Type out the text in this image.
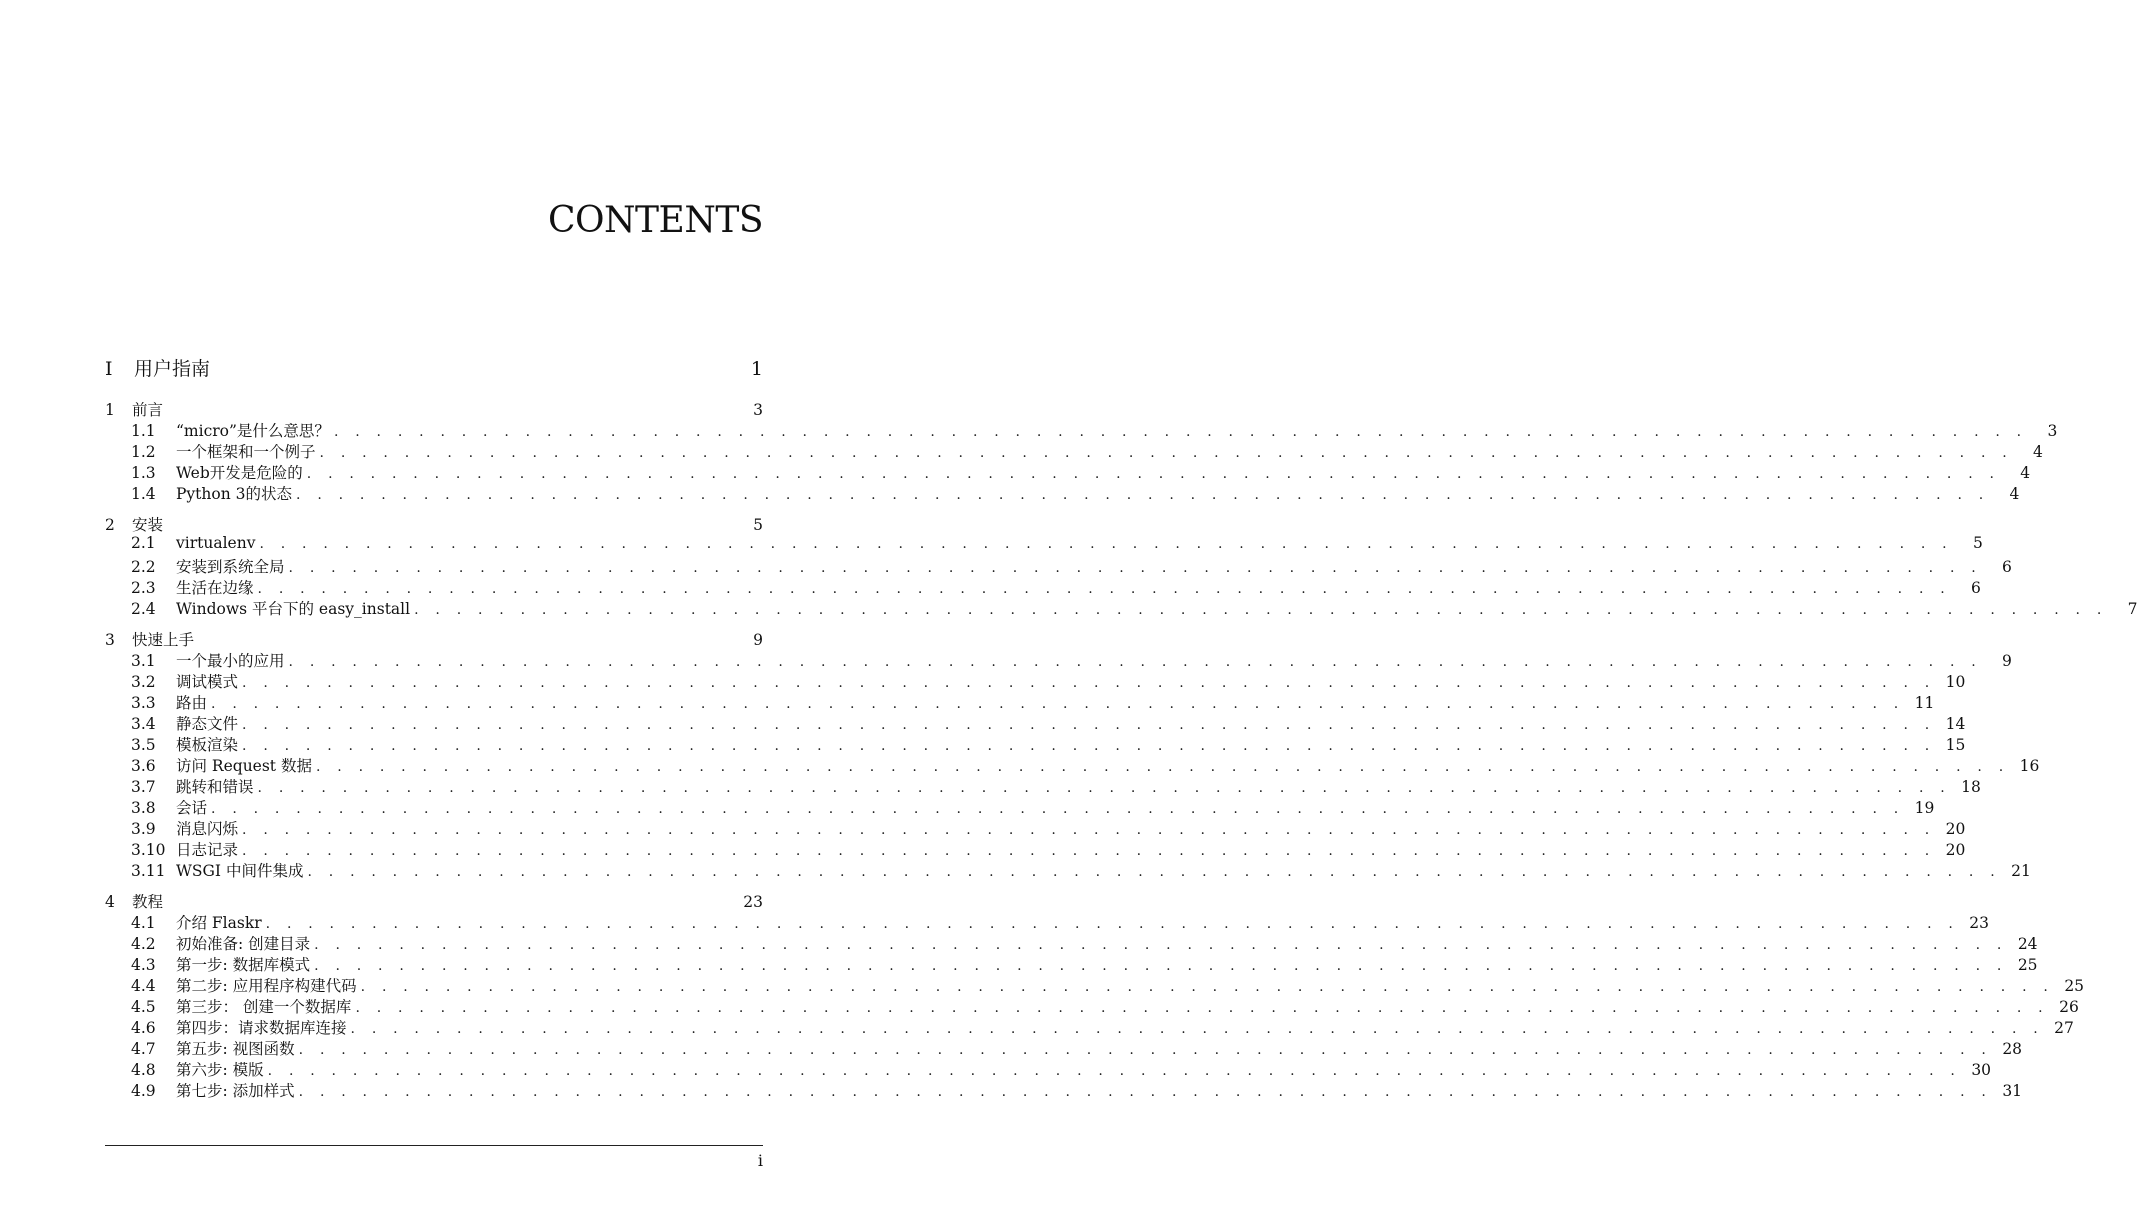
CONTENTS
I	用户指南	1
1	前言	3
1.1	“micro”是什么意思？ . . . . . . . . . . . . . . . . . . . . . . . . . . . . . . . . . . . . . . . . . . . . . . . . . . . . . . . . . . . . . . . . . . . . . . . . . . . . . . . .	3
1.2	一个框架和一个例子 . . . . . . . . . . . . . . . . . . . . . . . . . . . . . . . . . . . . . . . . . . . . . . . . . . . . . . . . . . . . . . . . . . . . . . . . . . . . . . . .	4
1.3	Web开发是危险的 . . . . . . . . . . . . . . . . . . . . . . . . . . . . . . . . . . . . . . . . . . . . . . . . . . . . . . . . . . . . . . . . . . . . . . . . . . . . . . . .	4
1.4	Python 3的状态 . . . . . . . . . . . . . . . . . . . . . . . . . . . . . . . . . . . . . . . . . . . . . . . . . . . . . . . . . . . . . . . . . . . . . . . . . . . . . . . .	4
2	安装	5
2.1	virtualenv . . . . . . . . . . . . . . . . . . . . . . . . . . . . . . . . . . . . . . . . . . . . . . . . . . . . . . . . . . . . . . . . . . . . . . . . . . . . . . . .	5
2.2	安装到系统全局 . . . . . . . . . . . . . . . . . . . . . . . . . . . . . . . . . . . . . . . . . . . . . . . . . . . . . . . . . . . . . . . . . . . . . . . . . . . . . . . .	6
2.3	生活在边缘 . . . . . . . . . . . . . . . . . . . . . . . . . . . . . . . . . . . . . . . . . . . . . . . . . . . . . . . . . . . . . . . . . . . . . . . . . . . . . . . .	6
2.4	Windows 平台下的 easy_install . . . . . . . . . . . . . . . . . . . . . . . . . . . . . . . . . . . . . . . . . . . . . . . . . . . . . . . . . . . . . . . . . . . . . . . . . . . . . . . .	7
3	快速上手	9
3.1	一个最小的应用 . . . . . . . . . . . . . . . . . . . . . . . . . . . . . . . . . . . . . . . . . . . . . . . . . . . . . . . . . . . . . . . . . . . . . . . . . . . . . . . .	9
3.2	调试模式 . . . . . . . . . . . . . . . . . . . . . . . . . . . . . . . . . . . . . . . . . . . . . . . . . . . . . . . . . . . . . . . . . . . . . . . . . . . . . . . . 10
3.3	路由 . . . . . . . . . . . . . . . . . . . . . . . . . . . . . . . . . . . . . . . . . . . . . . . . . . . . . . . . . . . . . . . . . . . . . . . . . . . . . . . . 11
3.4	静态文件 . . . . . . . . . . . . . . . . . . . . . . . . . . . . . . . . . . . . . . . . . . . . . . . . . . . . . . . . . . . . . . . . . . . . . . . . . . . . . . . . 14
3.5	模板渲染 . . . . . . . . . . . . . . . . . . . . . . . . . . . . . . . . . . . . . . . . . . . . . . . . . . . . . . . . . . . . . . . . . . . . . . . . . . . . . . . . 15
3.6	访问 Request 数据 . . . . . . . . . . . . . . . . . . . . . . . . . . . . . . . . . . . . . . . . . . . . . . . . . . . . . . . . . . . . . . . . . . . . . . . . . . . . . . . . 16
3.7	跳转和错误 . . . . . . . . . . . . . . . . . . . . . . . . . . . . . . . . . . . . . . . . . . . . . . . . . . . . . . . . . . . . . . . . . . . . . . . . . . . . . . . . 18
3.8	会话 . . . . . . . . . . . . . . . . . . . . . . . . . . . . . . . . . . . . . . . . . . . . . . . . . . . . . . . . . . . . . . . . . . . . . . . . . . . . . . . . 19
3.9	消息闪烁 . . . . . . . . . . . . . . . . . . . . . . . . . . . . . . . . . . . . . . . . . . . . . . . . . . . . . . . . . . . . . . . . . . . . . . . . . . . . . . . . 20
3.10 日志记录 . . . . . . . . . . . . . . . . . . . . . . . . . . . . . . . . . . . . . . . . . . . . . . . . . . . . . . . . . . . . . . . . . . . . . . . . . . . . . . . . 20
3.11 WSGI 中间件集成 . . . . . . . . . . . . . . . . . . . . . . . . . . . . . . . . . . . . . . . . . . . . . . . . . . . . . . . . . . . . . . . . . . . . . . . . . . . . . . . . 21
4	教程	23
4.1	介绍 Flaskr . . . . . . . . . . . . . . . . . . . . . . . . . . . . . . . . . . . . . . . . . . . . . . . . . . . . . . . . . . . . . . . . . . . . . . . . . . . . . . . . 23
4.2	初始准备: 创建目录 . . . . . . . . . . . . . . . . . . . . . . . . . . . . . . . . . . . . . . . . . . . . . . . . . . . . . . . . . . . . . . . . . . . . . . . . . . . . . . . . 24
4.3	第一步: 数据库模式 . . . . . . . . . . . . . . . . . . . . . . . . . . . . . . . . . . . . . . . . . . . . . . . . . . . . . . . . . . . . . . . . . . . . . . . . . . . . . . . . 25
4.4	第二步: 应用程序构建代码 . . . . . . . . . . . . . . . . . . . . . . . . . . . . . . . . . . . . . . . . . . . . . . . . . . . . . . . . . . . . . . . . . . . . . . . . . . . . . . . . 25
4.5	第三步： 创建一个数据库 . . . . . . . . . . . . . . . . . . . . . . . . . . . . . . . . . . . . . . . . . . . . . . . . . . . . . . . . . . . . . . . . . . . . . . . . . . . . . . . . 26
4.6	第四步：请求数据库连接 . . . . . . . . . . . . . . . . . . . . . . . . . . . . . . . . . . . . . . . . . . . . . . . . . . . . . . . . . . . . . . . . . . . . . . . . . . . . . . . . 27
4.7	第五步: 视图函数 . . . . . . . . . . . . . . . . . . . . . . . . . . . . . . . . . . . . . . . . . . . . . . . . . . . . . . . . . . . . . . . . . . . . . . . . . . . . . . . . 28
4.8	第六步: 模版 . . . . . . . . . . . . . . . . . . . . . . . . . . . . . . . . . . . . . . . . . . . . . . . . . . . . . . . . . . . . . . . . . . . . . . . . . . . . . . . . 30
4.9	第七步: 添加样式 . . . . . . . . . . . . . . . . . . . . . . . . . . . . . . . . . . . . . . . . . . . . . . . . . . . . . . . . . . . . . . . . . . . . . . . . . . . . . . . . 31
i
